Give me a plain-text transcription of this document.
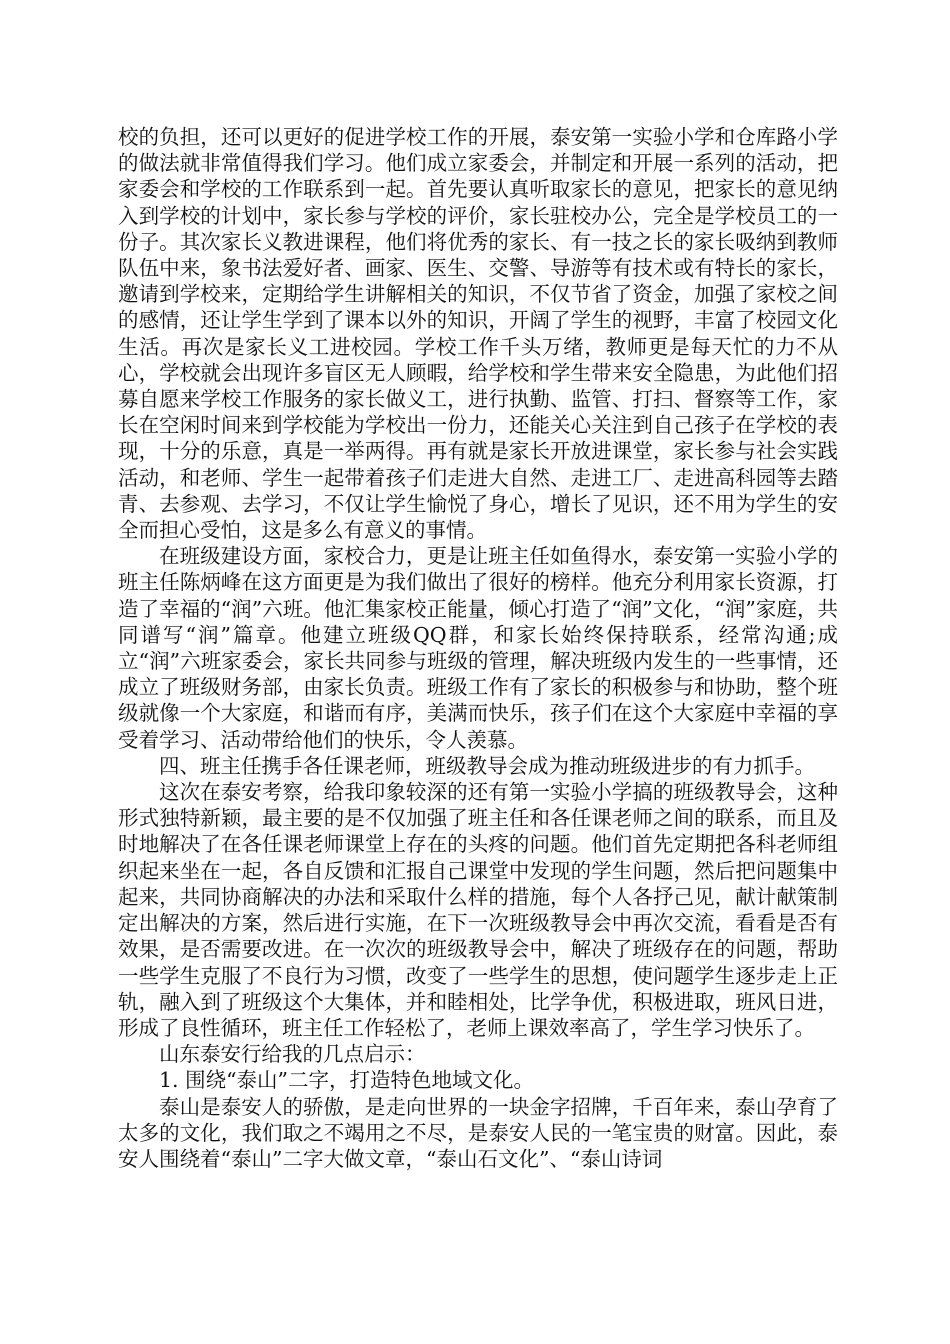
校的负担，还可以更好的促进学校工作的开展，泰安第一实验小学和仓库路小学的做法就非常值得我们学习。他们成立家委会，并制定和开展一系列的活动，把家委会和学校的工作联系到一起。首先要认真听取家长的意见，把家长的意见纳入到学校的计划中，家长参与学校的评价，家长驻校办公，完全是学校员工的一份子。其次家长义教进课程，他们将优秀的家长、有一技之长的家长吸纳到教师队伍中来，象书法爱好者、画家、医生、交警、导游等有技术或有特长的家长，邀请到学校来，定期给学生讲解相关的知识，不仅节省了资金，加强了家校之间的感情，还让学生学到了课本以外的知识，开阔了学生的视野，丰富了校园文化生活。再次是家长义工进校园。学校工作千头万绪，教师更是每天忙的力不从心，学校就会出现许多盲区无人顾暇，给学校和学生带来安全隐患，为此他们招募自愿来学校工作服务的家长做义工，进行执勤、监管、打扫、督察等工作，家长在空闲时间来到学校能为学校出一份力，还能关心关注到自己孩子在学校的表现，十分的乐意，真是一举两得。再有就是家长开放进课堂，家长参与社会实践活动，和老师、学生一起带着孩子们走进大自然、走进工厂、走进高科园等去踏青、去参观、去学习，不仅让学生愉悦了身心，增长了见识，还不用为学生的安全而担心受怕，这是多么有意义的事情。

在班级建设方面，家校合力，更是让班主任如鱼得水，泰安第一实验小学的班主任陈炳峰在这方面更是为我们做出了很好的榜样。他充分利用家长资源，打造了幸福的“润”六班。他汇集家校正能量，倾心打造了“润”文化，“润”家庭，共同谱写“润”篇章。他建立班级QQ群，和家长始终保持联系，经常沟通;成立“润”六班家委会，家长共同参与班级的管理，解决班级内发生的一些事情，还成立了班级财务部，由家长负责。班级工作有了家长的积极参与和协助，整个班级就像一个大家庭，和谐而有序，美满而快乐，孩子们在这个大家庭中幸福的享受着学习、活动带给他们的快乐，令人羡慕。

四、班主任携手各任课老师，班级教导会成为推动班级进步的有力抓手。

这次在泰安考察，给我印象较深的还有第一实验小学搞的班级教导会，这种形式独特新颖，最主要的是不仅加强了班主任和各任课老师之间的联系，而且及时地解决了在各任课老师课堂上存在的头疼的问题。他们首先定期把各科老师组织起来坐在一起，各自反馈和汇报自己课堂中发现的学生问题，然后把问题集中起来，共同协商解决的办法和采取什么样的措施，每个人各抒己见，献计献策制定出解决的方案，然后进行实施，在下一次班级教导会中再次交流，看看是否有效果，是否需要改进。在一次次的班级教导会中，解决了班级存在的问题，帮助一些学生克服了不良行为习惯，改变了一些学生的思想，使问题学生逐步走上正轨，融入到了班级这个大集体，并和睦相处，比学争优，积极进取，班风日进，形成了良性循环，班主任工作轻松了，老师上课效率高了，学生学习快乐了。

山东泰安行给我的几点启示：

1. 围绕“泰山”二字，打造特色地域文化。

泰山是泰安人的骄傲，是走向世界的一块金字招牌，千百年来，泰山孕育了太多的文化，我们取之不竭用之不尽，是泰安人民的一笔宝贵的财富。因此，泰安人围绕着“泰山”二字大做文章，“泰山石文化”、“泰山诗词
